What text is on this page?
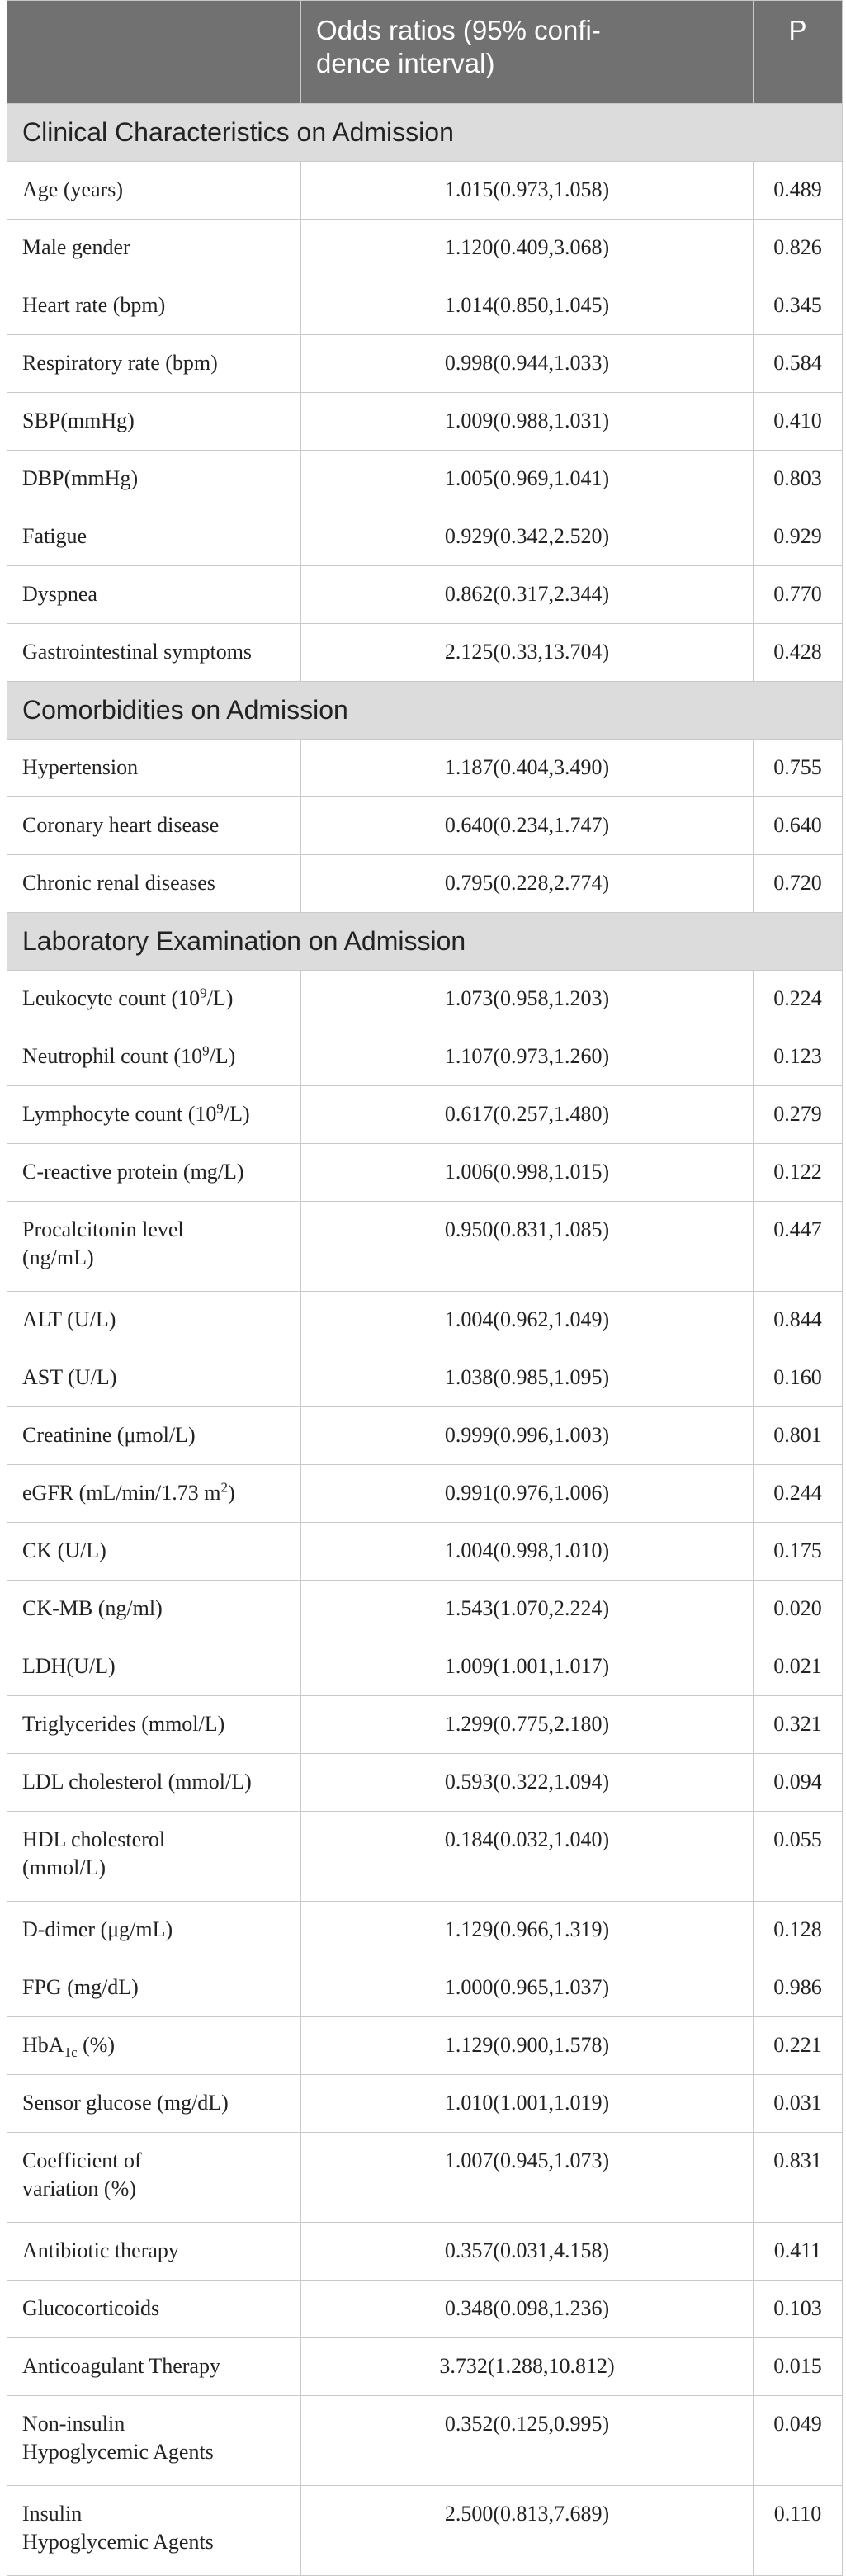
	Odds ratios (95% confi-
dence interval)	P
Clinical Characteristics on Admission		
Age (years)	1.015(0.973,1.058)	0.489
Male gender	1.120(0.409,3.068)	0.826
Heart rate (bpm)	1.014(0.850,1.045)	0.345
Respiratory rate (bpm)	0.998(0.944,1.033)	0.584
SBP(mmHg)	1.009(0.988,1.031)	0.410
DBP(mmHg)	1.005(0.969,1.041)	0.803
Fatigue	0.929(0.342,2.520)	0.929
Dyspnea	0.862(0.317,2.344)	0.770
Gastrointestinal symptoms	2.125(0.33,13.704)	0.428
Comorbidities on Admission		
Hypertension	1.187(0.404,3.490)	0.755
Coronary heart disease	0.640(0.234,1.747)	0.640
Chronic renal diseases	0.795(0.228,2.774)	0.720
Laboratory Examination on Admission		
Leukocyte count $(10^9/L)$	1.073(0.958,1.203)	0.224
Neutrophil count $(10^9/L)$	1.107(0.973,1.260)	0.123
Lymphocyte count $(10^9/L)$	0.617(0.257,1.480)	0.279
C-reactive protein (mg/L)	1.006(0.998,1.015)	0.122
Procalcitonin level
(ng/mL)	0.950(0.831,1.085)	0.447
ALT (U/L)	1.004(0.962,1.049)	0.844
AST (U/L)	1.038(0.985,1.095)	0.160
Creatinine (μmol/L)	0.999(0.996,1.003)	0.801
eGFR (mL/min/1.73 $m^2$)	0.991(0.976,1.006)	0.244
CK (U/L)	1.004(0.998,1.010)	0.175
CK-MB (ng/ml)	1.543(1.070,2.224)	0.020
LDH(U/L)	1.009(1.001,1.017)	0.021
Triglycerides (mmol/L)	1.299(0.775,2.180)	0.321
LDL cholesterol (mmol/L)	0.593(0.322,1.094)	0.094
HDL cholesterol
(mmol/L)	0.184(0.032,1.040)	0.055
D-dimer (μg/mL)	1.129(0.966,1.319)	0.128
FPG (mg/dL)	1.000(0.965,1.037)	0.986
HbA$_{1c}$ (%)	1.129(0.900,1.578)	0.221
Sensor glucose (mg/dL)	1.010(1.001,1.019)	0.031
Coefficient of
variation (%)	1.007(0.945,1.073)	0.831
Antibiotic therapy	0.357(0.031,4.158)	0.411
Glucocorticoids	0.348(0.098,1.236)	0.103
Anticoagulant Therapy	3.732(1.288,10.812)	0.015
Non-insulin
Hypoglycemic Agents	0.352(0.125,0.995)	0.049
Insulin
Hypoglycemic Agents	2.500(0.813,7.689)	0.110
